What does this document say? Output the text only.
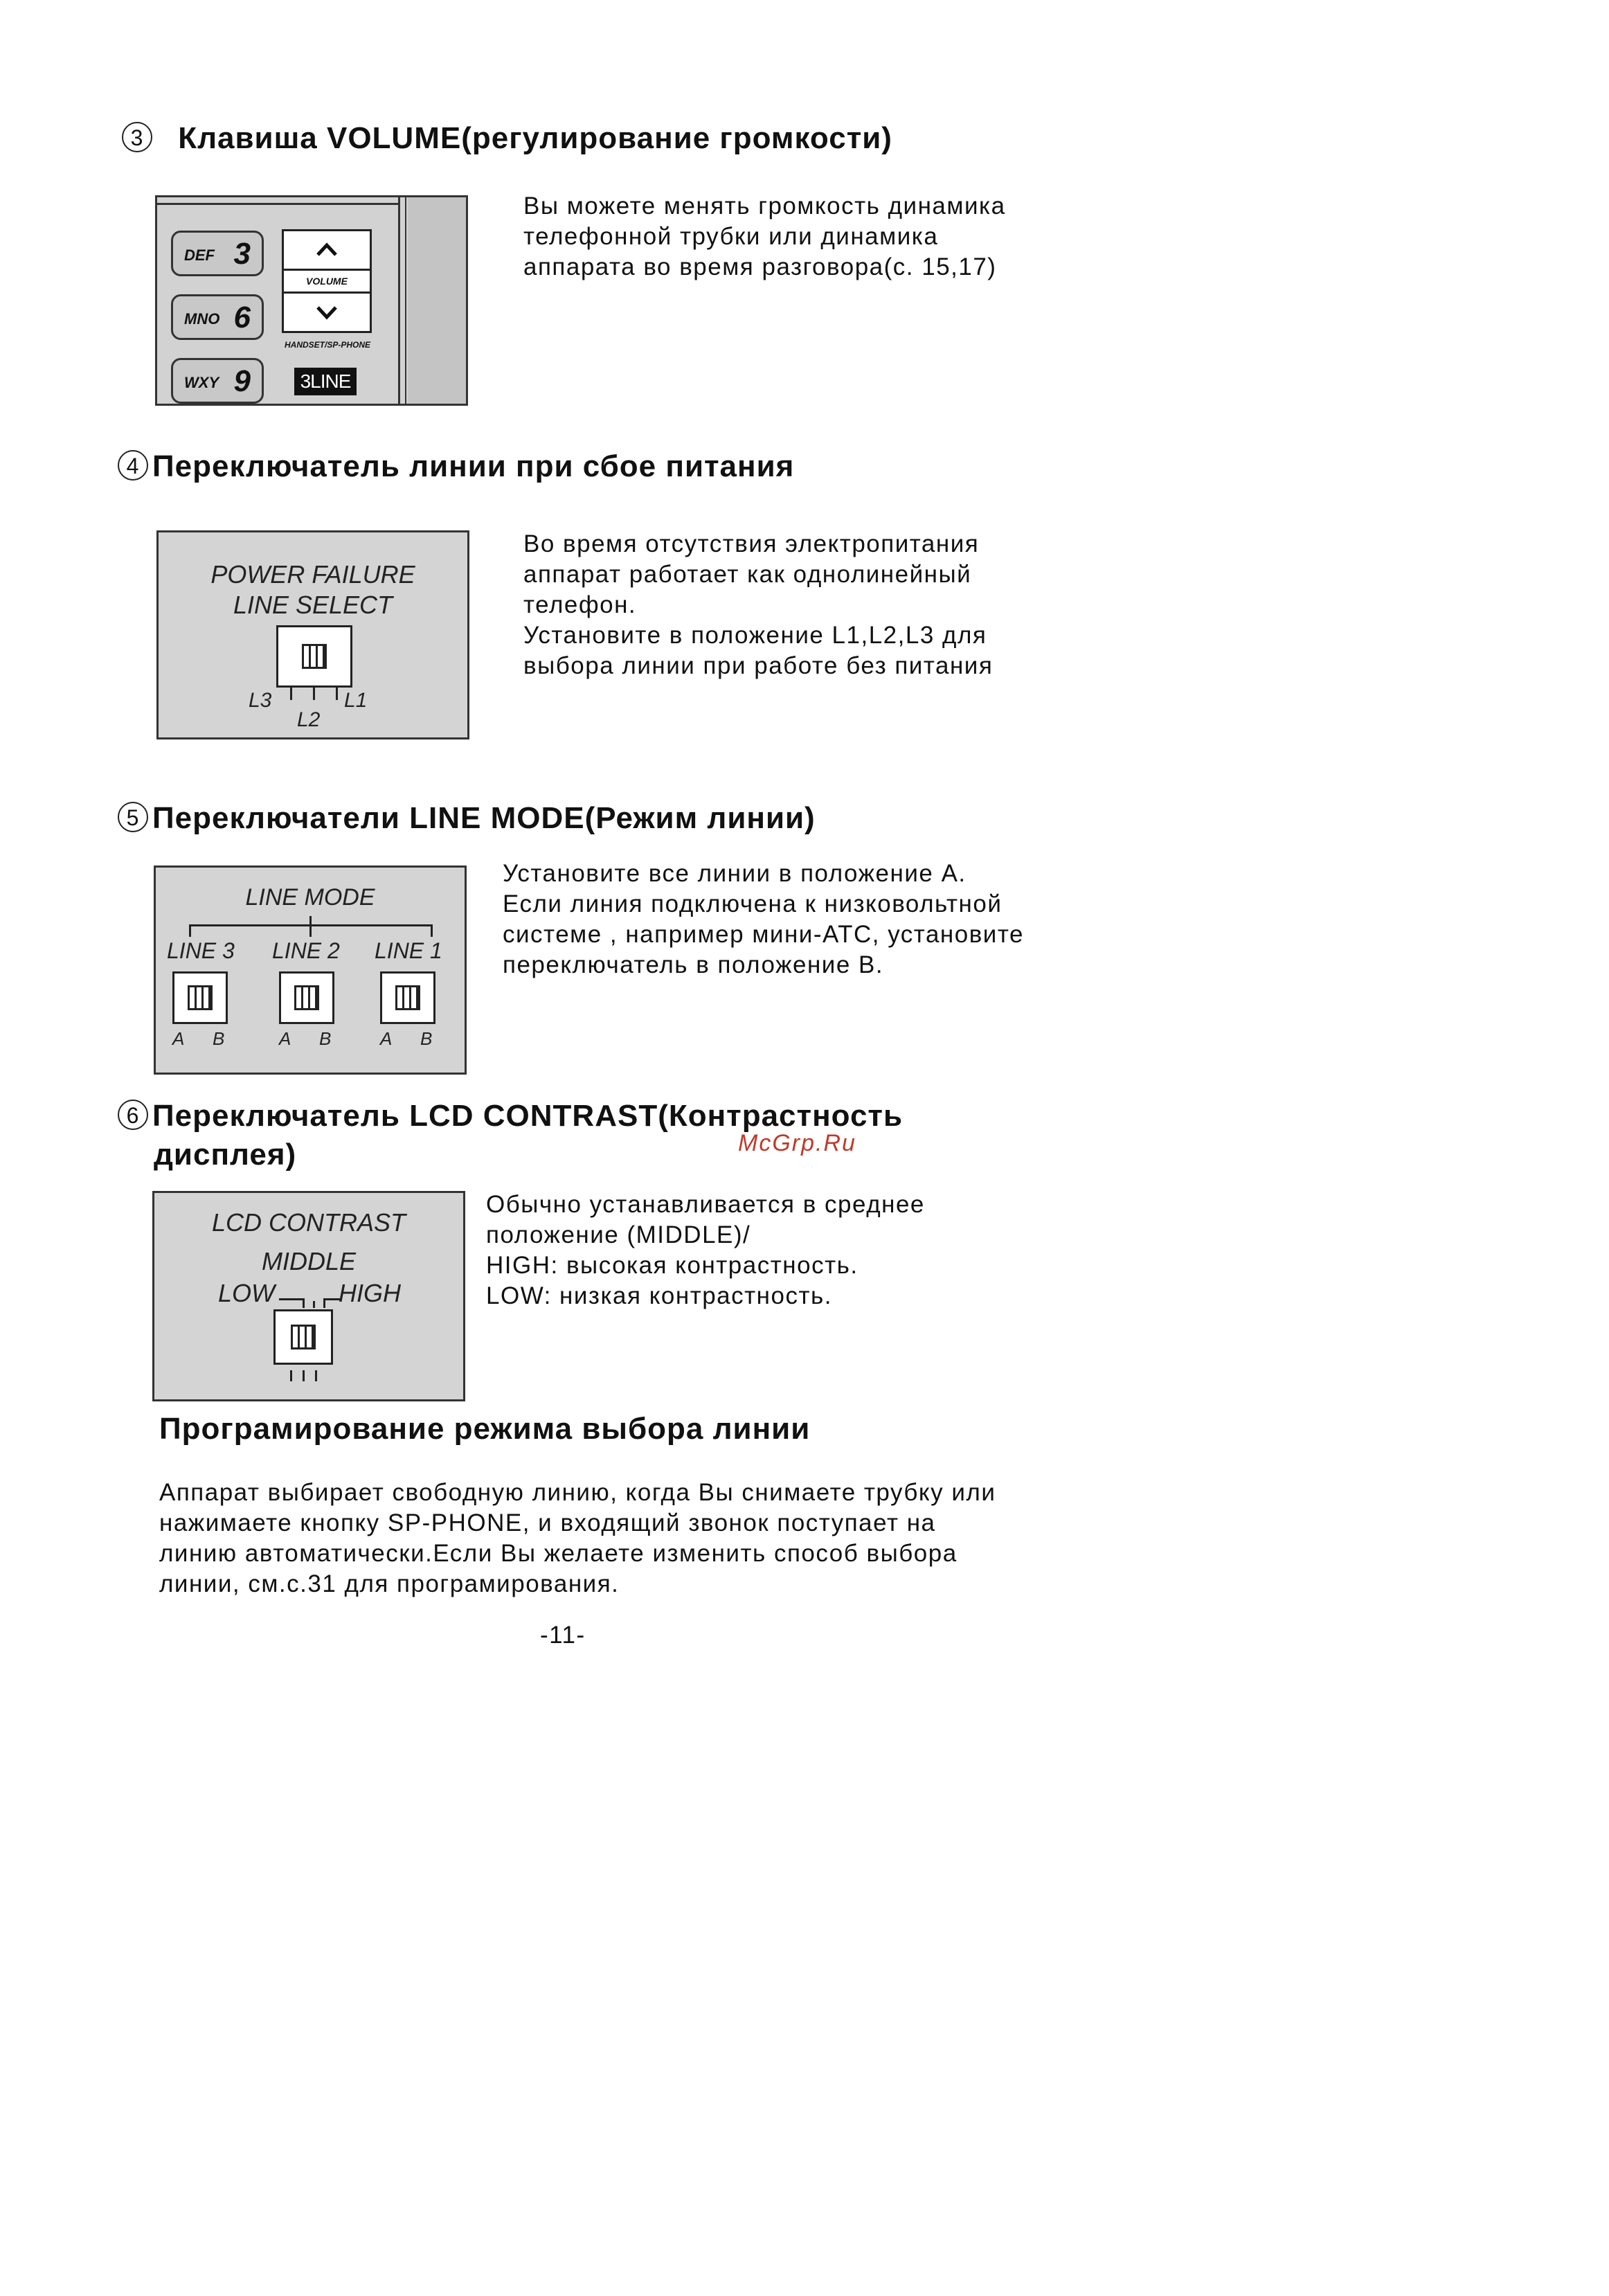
3 Клавиша VOLUME(регулирование громкости)
DEF 3
MNO 6
WXY 9
VOLUME
HANDSET/SP-PHONE
3LINE
Вы можете менять громкость динамика
телефонной трубки или динамика
аппарата во время разговора(с. 15,17)
4 Переключатель линии при сбое питания
POWER FAILURE
LINE SELECT
L3
L2
L1
Во время отсутствия электропитания
аппарат работает как однолинейный
телефон.
Установите в положение L1,L2,L3 для
выбора линии при работе без питания
5 Переключатели LINE MODE(Режим линии)
LINE MODE
LINE 3
A B
LINE 2
A B
LINE 1
A B
Установите все линии в положение А.
Если линия подключена к низковольтной
системе , например мини-АТС, установите
переключатель в положение В.
6 Переключатель LCD CONTRAST(Контрастность
дисплея)	McGrp.Ru
LCD CONTRAST
MIDDLE
LOW	HIGH
Обычно устанавливается в среднее
положение (MIDDLE)/
HIGH: высокая контрастность.
LOW: низкая контрастность.
Програмирование режима выбора линии
Аппарат выбирает свободную линию, когда Вы снимаете трубку или
нажимаете кнопку SP-PHONE, и входящий звонок поступает на
линию автоматически.Если Вы желаете изменить способ выбора
линии, см.с.31 для програмирования.
-11-
